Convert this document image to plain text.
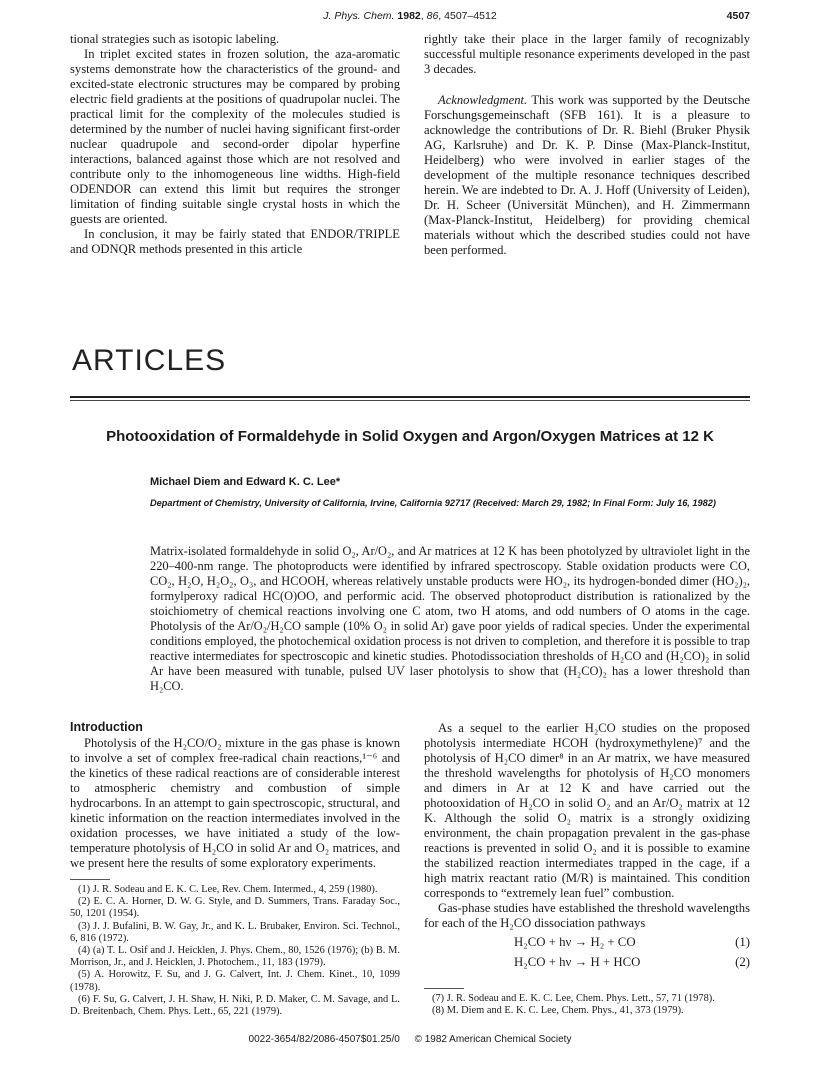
J. Phys. Chem. 1982, 86, 4507–4512	4507

tional strategies such as isotopic labeling.

In triplet excited states in frozen solution, the aza-aromatic systems demonstrate how the characteristics of the ground- and excited-state electronic structures may be compared by probing electric field gradients at the positions of quadrupolar nuclei. The practical limit for the complexity of the molecules studied is determined by the number of nuclei having significant first-order nuclear quadrupole and second-order dipolar hyperfine interactions, balanced against those which are not resolved and contribute only to the inhomogeneous line widths. High-field ODENDOR can extend this limit but requires the stronger limitation of finding suitable single crystal hosts in which the guests are oriented.

In conclusion, it may be fairly stated that ENDOR/TRIPLE and ODNQR methods presented in this article

rightly take their place in the larger family of recognizably successful multiple resonance experiments developed in the past 3 decades.

Acknowledgment. This work was supported by the Deutsche Forschungsgemeinschaft (SFB 161). It is a pleasure to acknowledge the contributions of Dr. R. Biehl (Bruker Physik AG, Karlsruhe) and Dr. K. P. Dinse (Max-Planck-Institut, Heidelberg) who were involved in earlier stages of the development of the multiple resonance techniques described herein. We are indebted to Dr. A. J. Hoff (University of Leiden), Dr. H. Scheer (Universität München), and H. Zimmermann (Max-Planck-Institut, Heidelberg) for providing chemical materials without which the described studies could not have been performed.

ARTICLES
Photooxidation of Formaldehyde in Solid Oxygen and Argon/Oxygen Matrices at 12 K
Michael Diem and Edward K. C. Lee*
Department of Chemistry, University of California, Irvine, California 92717 (Received: March 29, 1982; In Final Form: July 16, 1982)
Matrix-isolated formaldehyde in solid O₂, Ar/O₂, and Ar matrices at 12 K has been photolyzed by ultraviolet light in the 220–400-nm range. The photoproducts were identified by infrared spectroscopy. Stable oxidation products were CO, CO₂, H₂O, H₂O₂, O₃, and HCOOH, whereas relatively unstable products were HO₂, its hydrogen-bonded dimer (HO₂)₂, formylperoxy radical HC(O)OO, and performic acid. The observed photoproduct distribution is rationalized by the stoichiometry of chemical reactions involving one C atom, two H atoms, and odd numbers of O atoms in the cage. Photolysis of the Ar/O₂/H₂CO sample (10% O₂ in solid Ar) gave poor yields of radical species. Under the experimental conditions employed, the photochemical oxidation process is not driven to completion, and therefore it is possible to trap reactive intermediates for spectroscopic and kinetic studies. Photodissociation thresholds of H₂CO and (H₂CO)₂ in solid Ar have been measured with tunable, pulsed UV laser photolysis to show that (H₂CO)₂ has a lower threshold than H₂CO.
Introduction

Photolysis of the H₂CO/O₂ mixture in the gas phase is known to involve a set of complex free-radical chain reactions,¹⁻⁶ and the kinetics of these radical reactions are of considerable interest to atmospheric chemistry and combustion of simple hydrocarbons. In an attempt to gain spectroscopic, structural, and kinetic information on the reaction intermediates involved in the oxidation processes, we have initiated a study of the low-temperature photolysis of H₂CO in solid Ar and O₂ matrices, and we present here the results of some exploratory experiments.

(1) J. R. Sodeau and E. K. C. Lee, Rev. Chem. Intermed., 4, 259 (1980).
(2) E. C. A. Horner, D. W. G. Style, and D. Summers, Trans. Faraday Soc., 50, 1201 (1954).
(3) J. J. Bufalini, B. W. Gay, Jr., and K. L. Brubaker, Environ. Sci. Technol., 6, 816 (1972).
(4) (a) T. L. Osif and J. Heicklen, J. Phys. Chem., 80, 1526 (1976); (b) B. M. Morrison, Jr., and J. Heicklen, J. Photochem., 11, 183 (1979).
(5) A. Horowitz, F. Su, and J. G. Calvert, Int. J. Chem. Kinet., 10, 1099 (1978).
(6) F. Su, G. Calvert, J. H. Shaw, H. Niki, P. D. Maker, C. M. Savage, and L. D. Breitenbach, Chem. Phys. Lett., 65, 221 (1979).

As a sequel to the earlier H₂CO studies on the proposed photolysis intermediate HCOH (hydroxymethylene)⁷ and the photolysis of H₂CO dimer⁸ in an Ar matrix, we have measured the threshold wavelengths for photolysis of H₂CO monomers and dimers in Ar at 12 K and have carried out the photooxidation of H₂CO in solid O₂ and an Ar/O₂ matrix at 12 K. Although the solid O₂ matrix is a strongly oxidizing environment, the chain propagation prevalent in the gas-phase reactions is prevented in solid O₂ and it is possible to examine the stabilized reaction intermediates trapped in the cage, if a high matrix reactant ratio (M/R) is maintained. This condition corresponds to “extremely lean fuel” combustion.

Gas-phase studies have established the threshold wavelengths for each of the H₂CO dissociation pathways

H₂CO + hν → H₂ + CO	(1)
H₂CO + hν → H + HCO	(2)
(7) J. R. Sodeau and E. K. C. Lee, Chem. Phys. Lett., 57, 71 (1978).
(8) M. Diem and E. K. C. Lee, Chem. Phys., 41, 373 (1979).
0022-3654/82/2086-4507$01.25/0 © 1982 American Chemical Society
